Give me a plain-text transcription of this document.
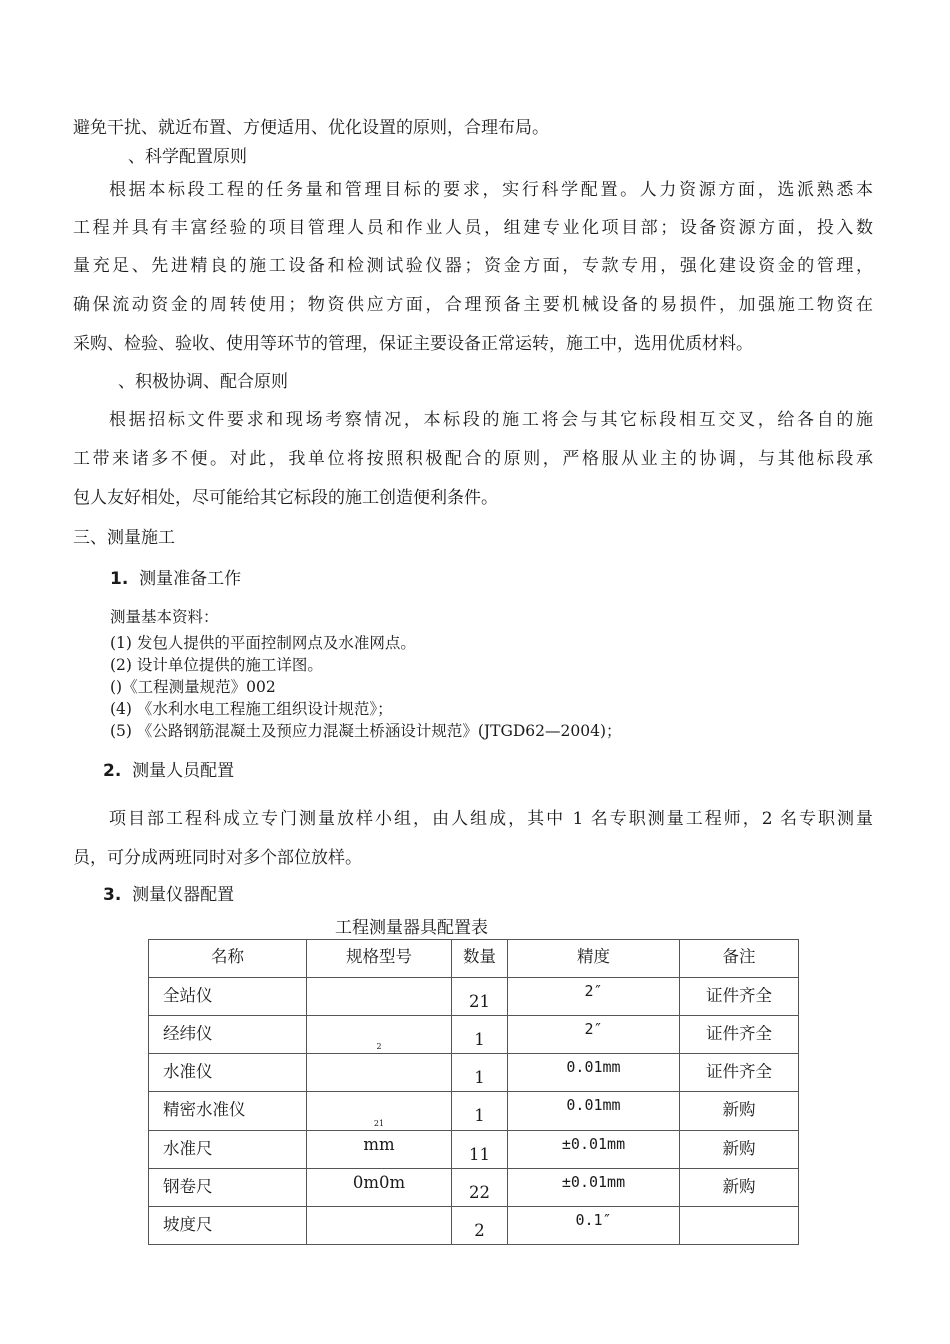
避免干扰、就近布置、方便适用、优化设置的原则，合理布局。
、科学配置原则
根据本标段工程的任务量和管理目标的要求，实行科学配置。人力资源方面，选派熟悉本
工程并具有丰富经验的项目管理人员和作业人员，组建专业化项目部；设备资源方面，投入数
量充足、先进精良的施工设备和检测试验仪器；资金方面，专款专用，强化建设资金的管理，
确保流动资金的周转使用；物资供应方面，合理预备主要机械设备的易损件，加强施工物资在
采购、检验、验收、使用等环节的管理，保证主要设备正常运转，施工中，选用优质材料。
、积极协调、配合原则
根据招标文件要求和现场考察情况，本标段的施工将会与其它标段相互交叉，给各自的施
工带来诸多不便。对此，我单位将按照积极配合的原则，严格服从业主的协调，与其他标段承
包人友好相处，尽可能给其它标段的施工创造便利条件。
三、测量施工
1. 测量准备工作
测量基本资料：
(1) 发包人提供的平面控制网点及水准网点。
(2) 设计单位提供的施工详图。
()《工程测量规范》002
(4) 《水利水电工程施工组织设计规范》；
(5) 《公路钢筋混凝土及预应力混凝土桥涵设计规范》(JTGD62—2004)；
2. 测量人员配置
项目部工程科成立专门测量放样小组，由人组成，其中 1 名专职测量工程师，2 名专职测量
员，可分成两班同时对多个部位放样。
3. 测量仪器配置
工程测量器具配置表
名称	规格型号	数量	精度	备注
全站仪		21	2″	证件齐全
经纬仪	2	1	2″	证件齐全
水准仪		1	0.01mm	证件齐全
精密水准仪	21	1	0.01mm	新购
水准尺	mm	11	±0.01mm	新购
钢卷尺	0m0m	22	±0.01mm	新购
坡度尺		2	0.1″	
